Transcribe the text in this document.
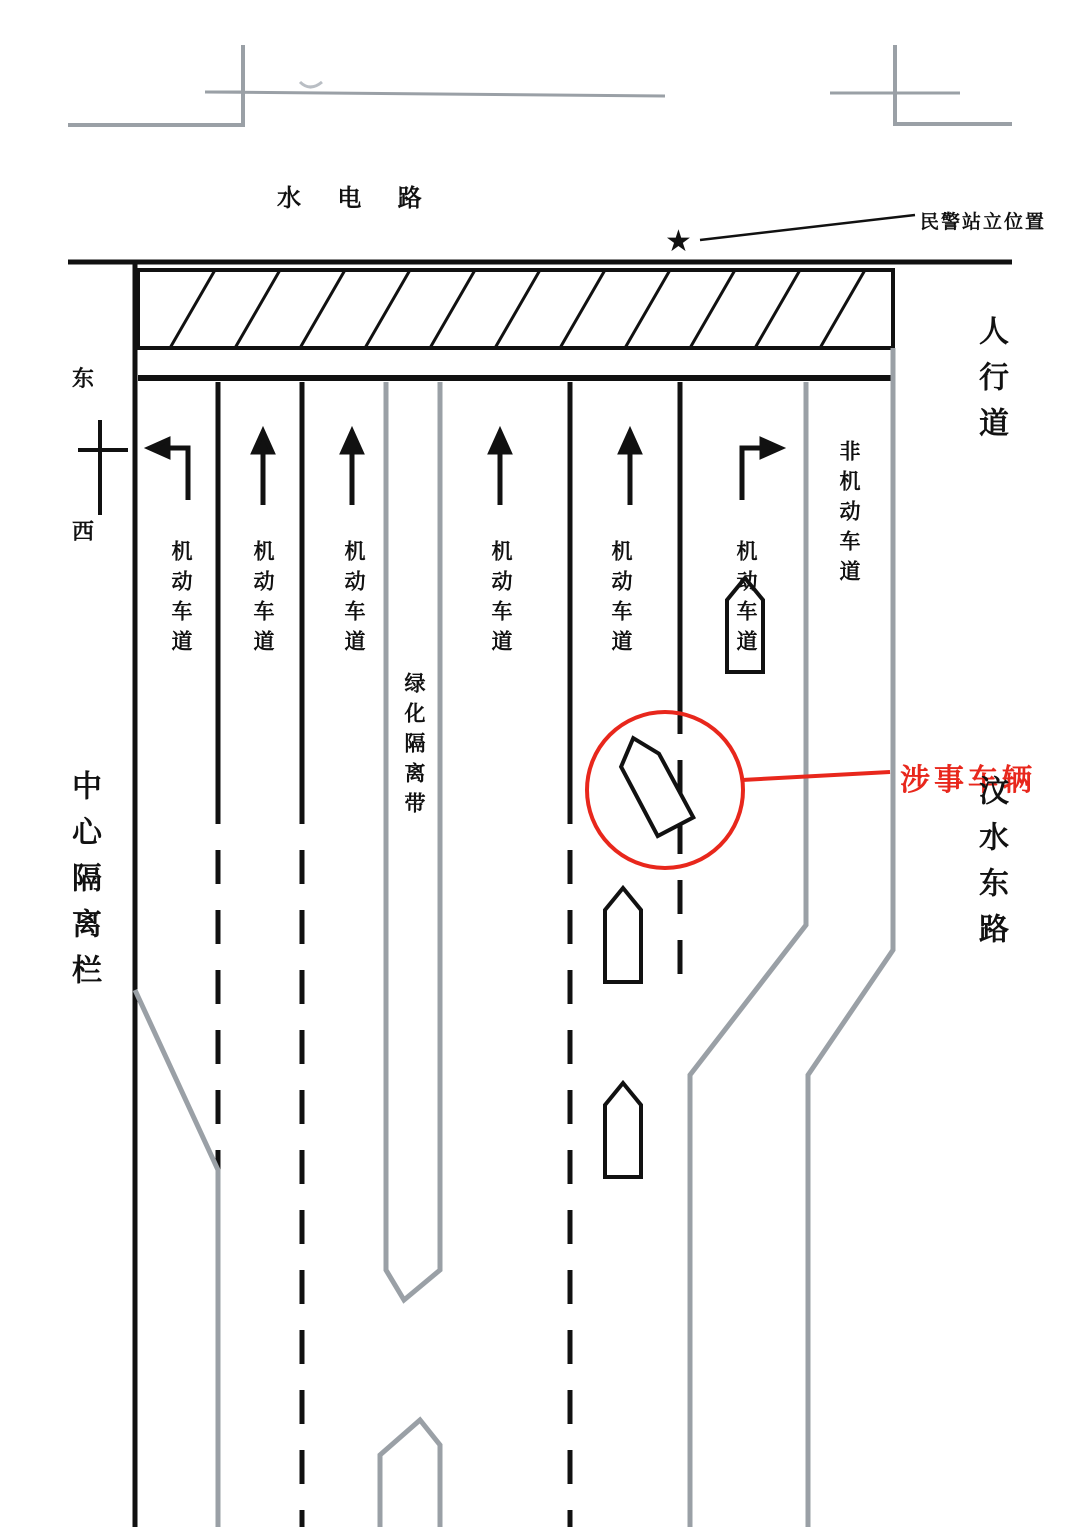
水 电 路
★
民警站立位置
涉事车辆
东
西
中心隔离栏
人行道
汶水东路
机动车道	机动车道	机动车道
绿化隔离带
机动车道	机动车道	机动车道
非机动车道
